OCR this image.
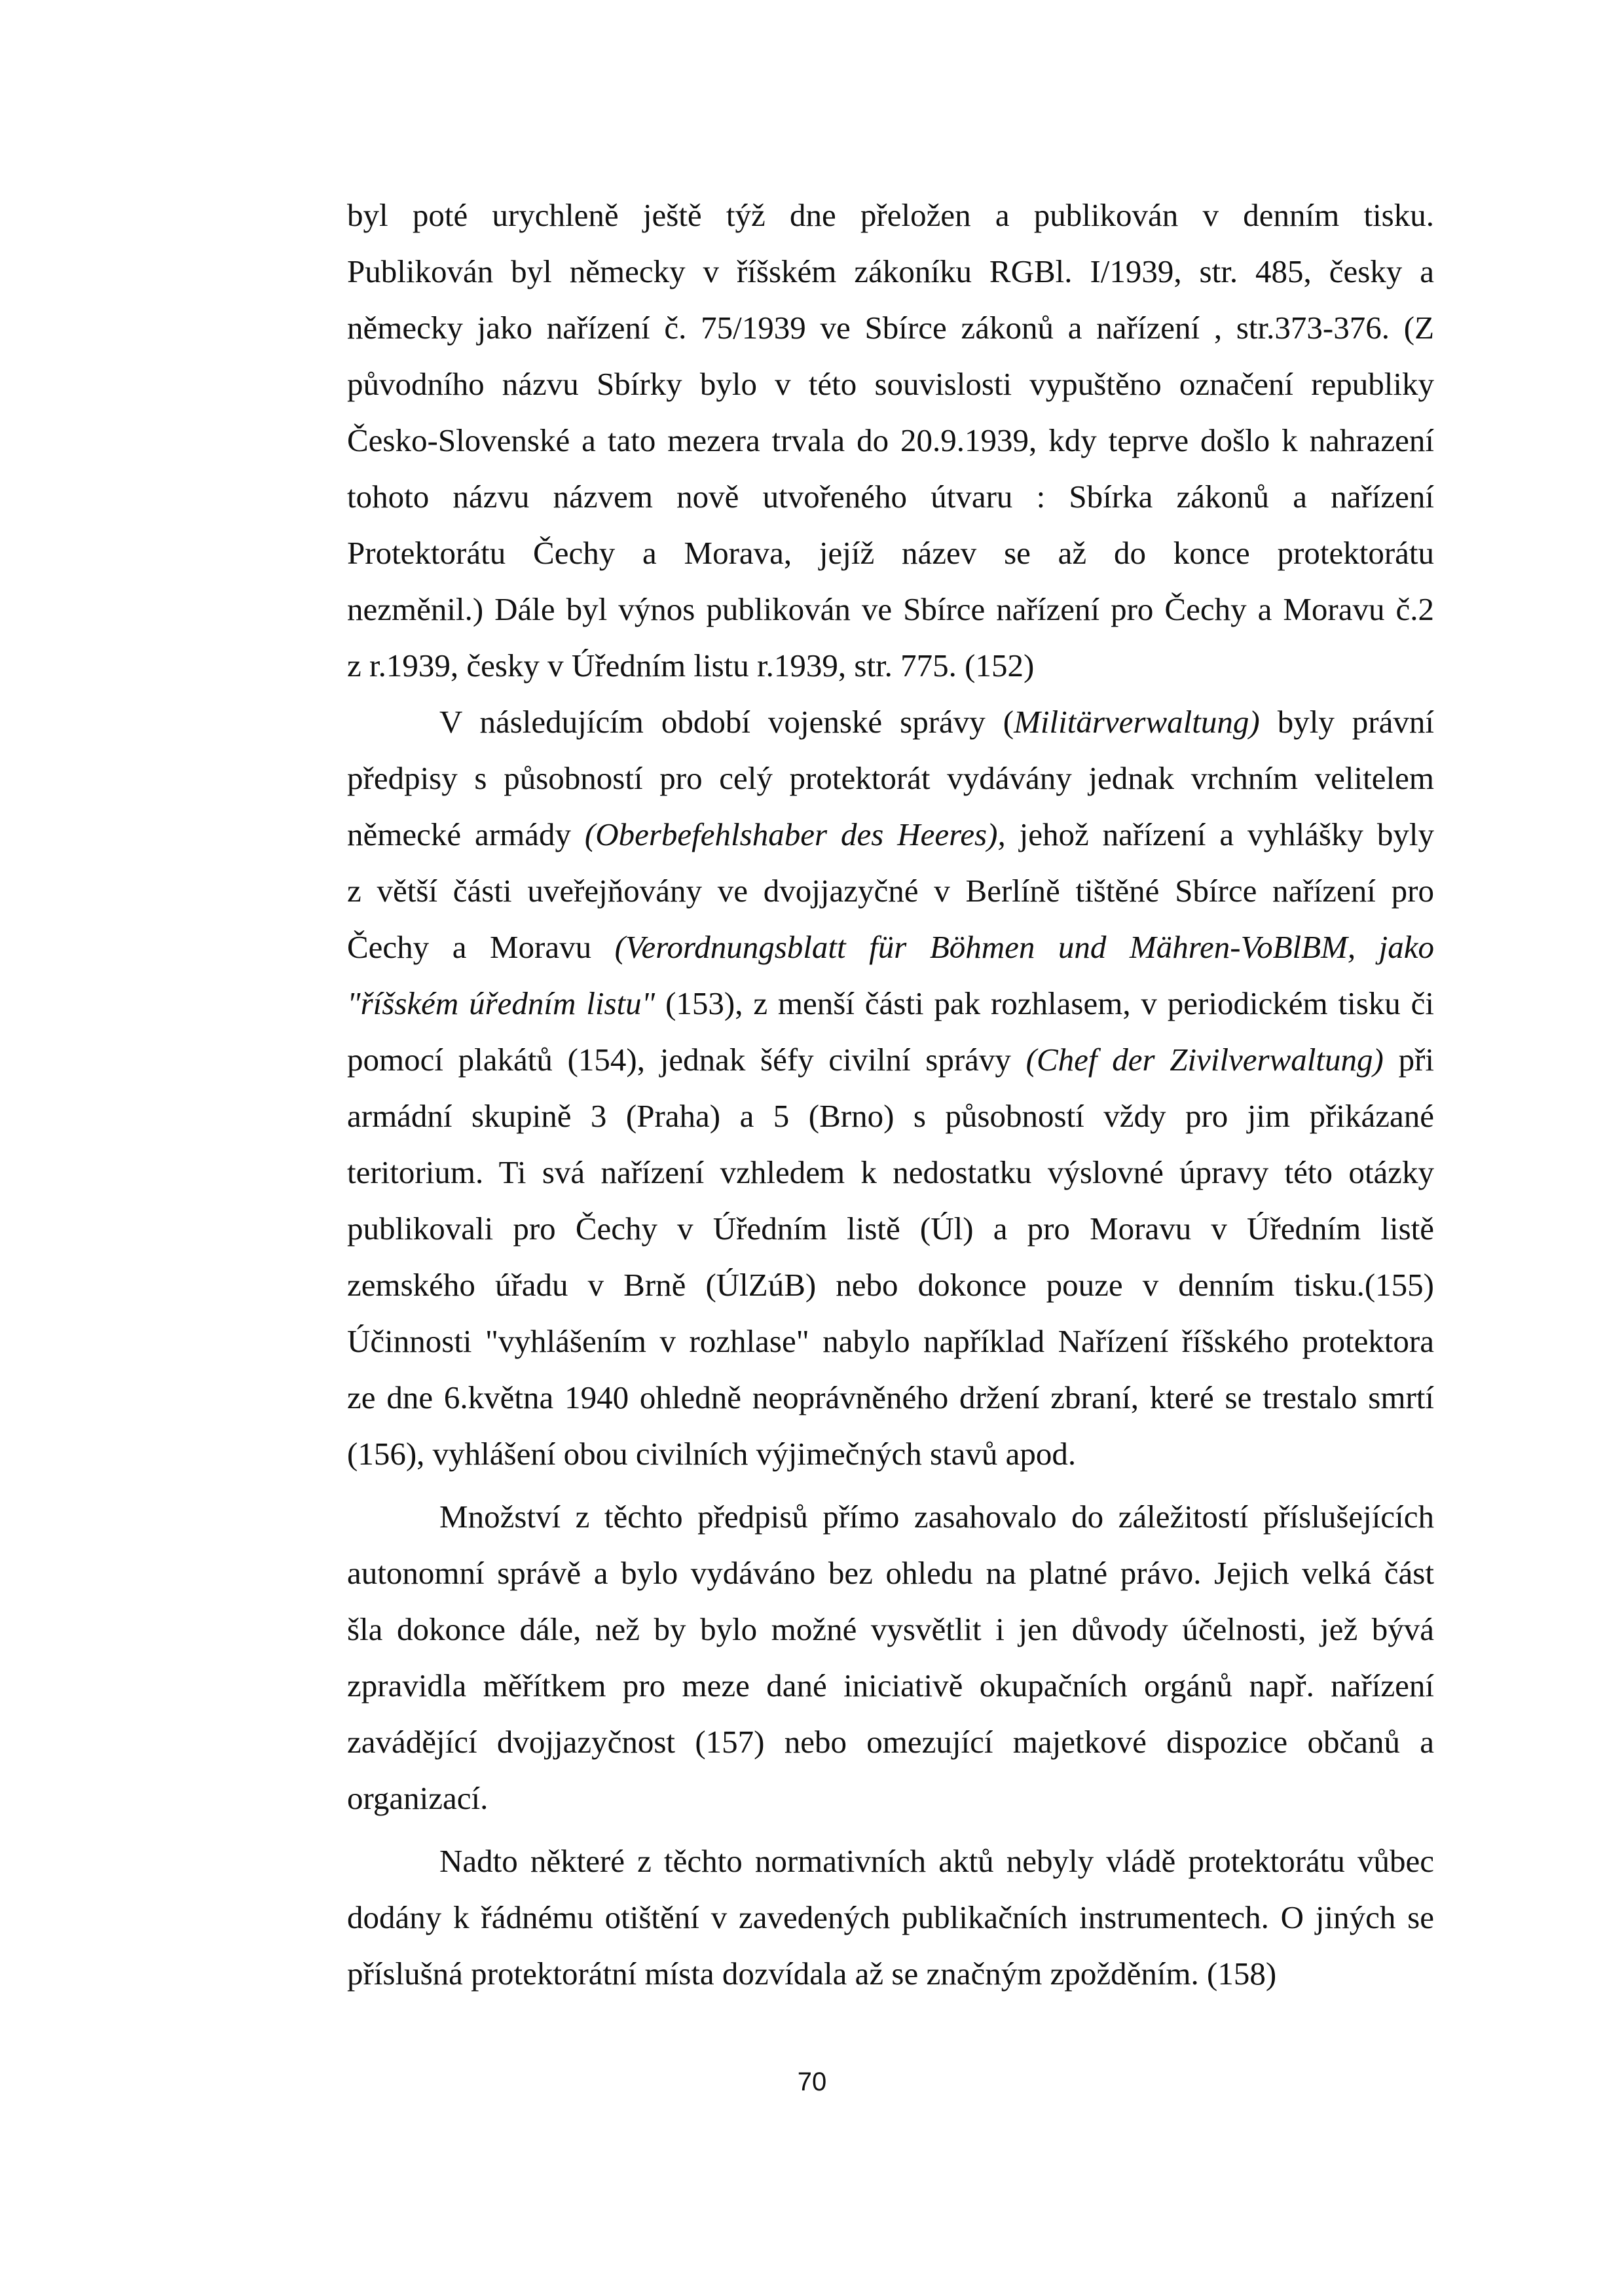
byl poté urychleně ještě týž dne přeložen a publikován v denním tisku.
Publikován byl německy v říšském zákoníku RGBl. I/1939, str. 485, česky a
německy jako nařízení č. 75/1939 ve Sbírce zákonů a nařízení , str.373-376. (Z
původního názvu Sbírky bylo v této souvislosti vypuštěno označení republiky
Česko-Slovenské a tato mezera trvala do 20.9.1939, kdy teprve došlo k nahrazení
tohoto názvu názvem nově utvořeného útvaru : Sbírka zákonů a nařízení
Protektorátu Čechy a Morava, jejíž název se až do konce protektorátu
nezměnil.) Dále byl výnos publikován ve Sbírce nařízení pro Čechy a Moravu č.2
z r.1939, česky v Úředním listu r.1939, str. 775. (152)
V následujícím období vojenské správy (Militärverwaltung) byly právní
předpisy s působností pro celý protektorát vydávány jednak vrchním velitelem
německé armády (Oberbefehlshaber des Heeres), jehož nařízení a vyhlášky byly
z větší části uveřejňovány ve dvojjazyčné v Berlíně tištěné Sbírce nařízení pro
Čechy a Moravu (Verordnungsblatt für Böhmen und Mähren-VoBlBM, jako
"říšském úředním listu" (153), z menší části pak rozhlasem, v periodickém tisku či
pomocí plakátů (154), jednak šéfy civilní správy (Chef der Zivilverwaltung) při
armádní skupině 3 (Praha) a 5 (Brno) s působností vždy pro jim přikázané
teritorium. Ti svá nařízení vzhledem k nedostatku výslovné úpravy této otázky
publikovali pro Čechy v Úředním listě (Úl) a pro Moravu v Úředním listě
zemského úřadu v Brně (ÚlZúB) nebo dokonce pouze v denním tisku.(155)
Účinnosti "vyhlášením v rozhlase" nabylo například Nařízení říšského protektora
ze dne 6.května 1940 ohledně neoprávněného držení zbraní, které se trestalo smrtí
(156), vyhlášení obou civilních výjimečných stavů apod.
Množství z těchto předpisů přímo zasahovalo do záležitostí příslušejících
autonomní správě a bylo vydáváno bez ohledu na platné právo. Jejich velká část
šla dokonce dále, než by bylo možné vysvětlit i jen důvody účelnosti, jež bývá
zpravidla měřítkem pro meze dané iniciativě okupačních orgánů např. nařízení
zavádějící dvojjazyčnost (157) nebo omezující majetkové dispozice občanů a
organizací.
Nadto některé z těchto normativních aktů nebyly vládě protektorátu vůbec
dodány k řádnému otištění v zavedených publikačních instrumentech. O jiných se
příslušná protektorátní místa dozvídala až se značným zpožděním. (158)
70
